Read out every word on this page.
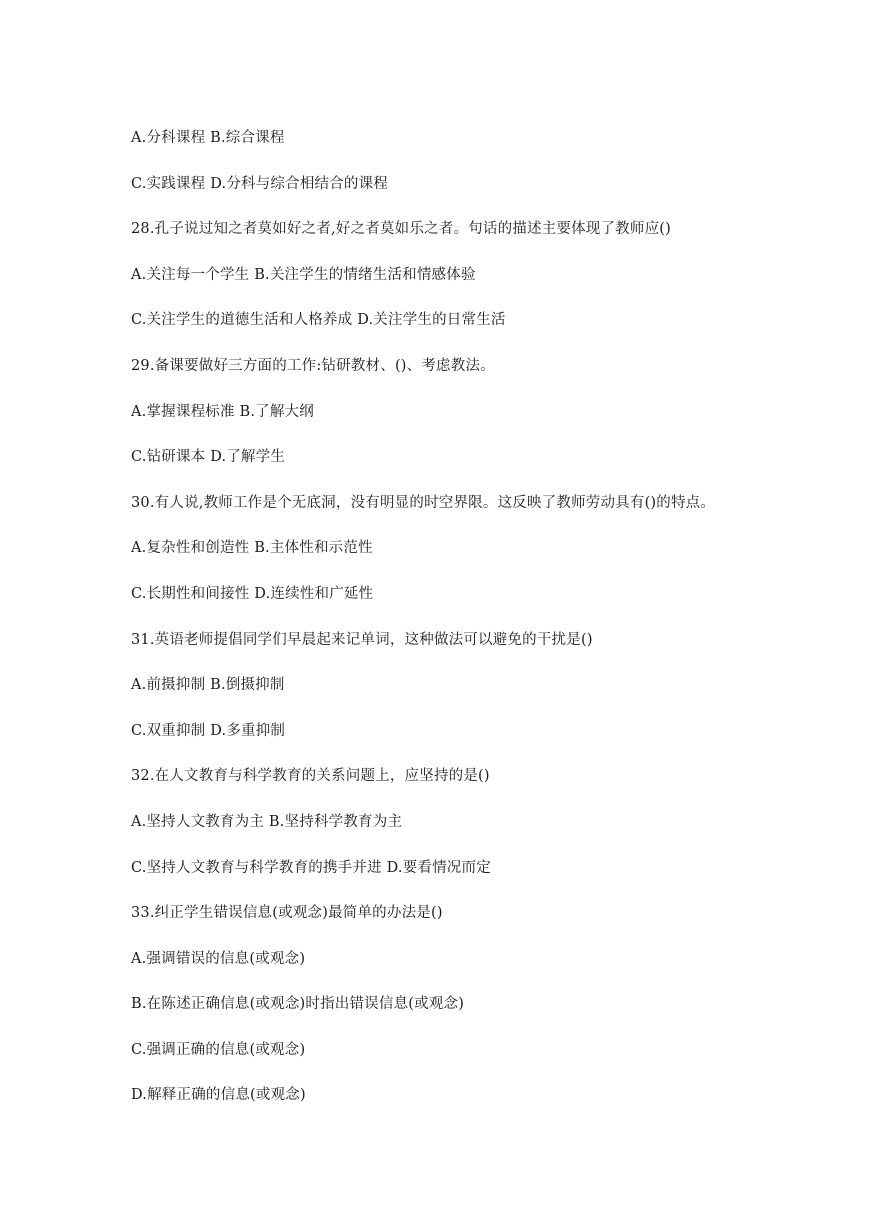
A.分科课程 B.综合课程
C.实践课程 D.分科与综合相结合的课程
28.孔子说过知之者莫如好之者,好之者莫如乐之者。句话的描述主要体现了教师应()
A.关注每一个学生 B.关注学生的情绪生活和情感体验
C.关注学生的道德生活和人格养成 D.关注学生的日常生活
29.备课要做好三方面的工作:钻研教材、()、考虑教法。
A.掌握课程标准 B.了解大纲
C.钻研课本 D.了解学生
30.有人说,教师工作是个无底洞，没有明显的时空界限。这反映了教师劳动具有()的特点。
A.复杂性和创造性 B.主体性和示范性
C.长期性和间接性 D.连续性和广延性
31.英语老师提倡同学们早晨起来记单词，这种做法可以避免的干扰是()
A.前摄抑制 B.倒摄抑制
C.双重抑制 D.多重抑制
32.在人文教育与科学教育的关系问题上，应坚持的是()
A.坚持人文教育为主 B.坚持科学教育为主
C.坚持人文教育与科学教育的携手并进 D.要看情况而定
33.纠正学生错误信息(或观念)最简单的办法是()
A.强调错误的信息(或观念)
B.在陈述正确信息(或观念)时指出错误信息(或观念)
C.强调正确的信息(或观念)
D.解释正确的信息(或观念)
